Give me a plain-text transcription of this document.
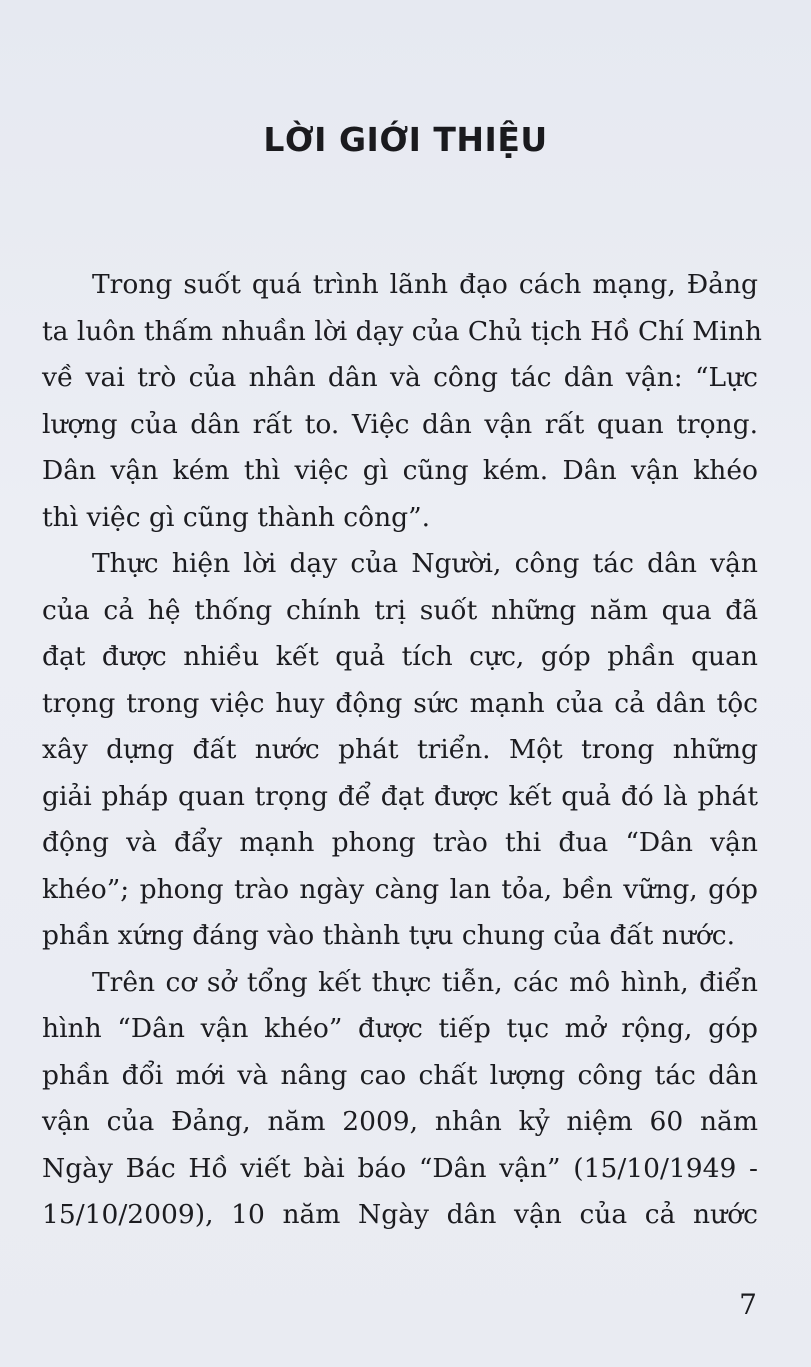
LỜI GIỚI THIỆU

Trong suốt quá trình lãnh đạo cách mạng, Đảng
ta luôn thấm nhuần lời dạy của Chủ tịch Hồ Chí Minh
về vai trò của nhân dân và công tác dân vận: “Lực
lượng của dân rất to. Việc dân vận rất quan trọng.
Dân vận kém thì việc gì cũng kém. Dân vận khéo
thì việc gì cũng thành công”.

Thực hiện lời dạy của Người, công tác dân vận
của cả hệ thống chính trị suốt những năm qua đã
đạt được nhiều kết quả tích cực, góp phần quan
trọng trong việc huy động sức mạnh của cả dân tộc
xây dựng đất nước phát triển. Một trong những
giải pháp quan trọng để đạt được kết quả đó là phát
động và đẩy mạnh phong trào thi đua “Dân vận
khéo”; phong trào ngày càng lan tỏa, bền vững, góp
phần xứng đáng vào thành tựu chung của đất nước.

Trên cơ sở tổng kết thực tiễn, các mô hình, điển
hình “Dân vận khéo” được tiếp tục mở rộng, góp
phần đổi mới và nâng cao chất lượng công tác dân
vận của Đảng, năm 2009, nhân kỷ niệm 60 năm
Ngày Bác Hồ viết bài báo “Dân vận” (15/10/1949 -
15/10/2009), 10 năm Ngày dân vận của cả nước

7
